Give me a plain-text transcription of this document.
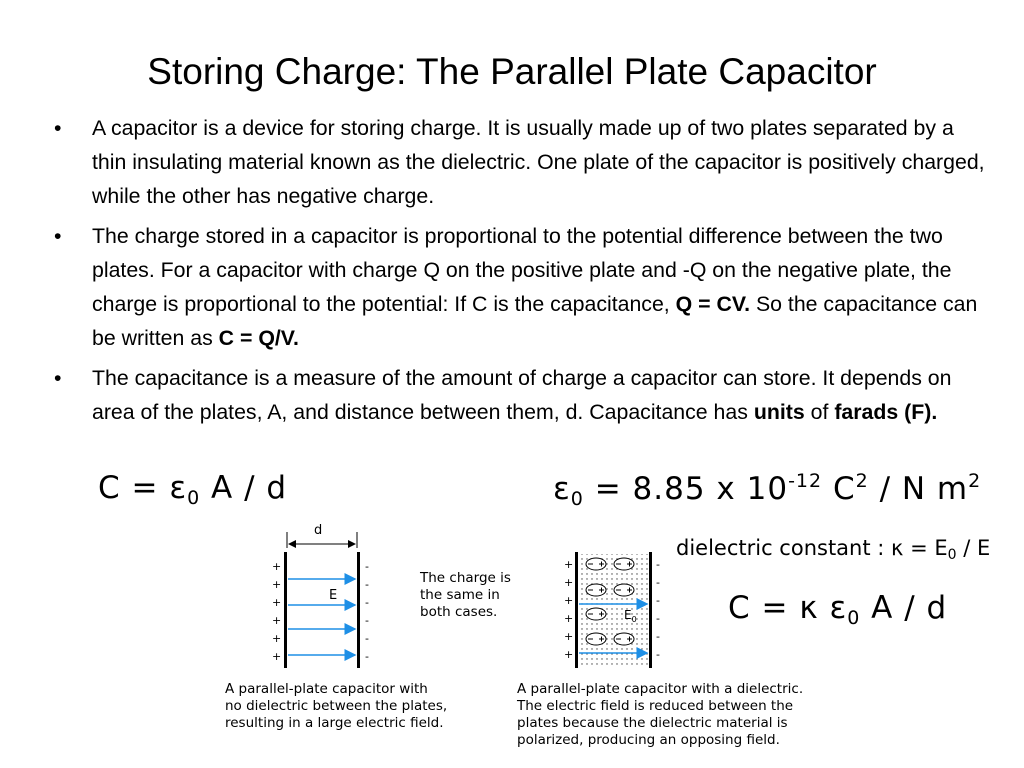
Storing Charge: The Parallel Plate Capacitor
• A capacitor is a device for storing charge. It is usually made up of two plates separated by a thin insulating material known as the dielectric. One plate of the capacitor is positively charged, while the other has negative charge.
• The charge stored in a capacitor is proportional to the potential difference between the two plates. For a capacitor with charge Q on the positive plate and -Q on the negative plate, the charge is proportional to the potential: If C is the capacitance, Q = CV. So the capacitance can be written as C = Q/V.
• The capacitance is a measure of the amount of charge a capacitor can store. It depends on area of the plates, A, and distance between them, d. Capacitance has units of farads (F).
$C = \varepsilon_0$ A / d	$\varepsilon_0 = 8.85$ x $10^{-12}$ $C^2$ / N $m^2$
dielectric constant : $\kappa = E_0 / E$
C = κ $\varepsilon_0$ A / d
d
+
+
+
+
+
+
-
-
-
-
-
-
E
The charge is
the same in
both cases.
A parallel-plate capacitor with
no dielectric between the plates,
resulting in a large electric field.
+
+
+
+
+
+
-
-
-
-
-
-
$E_0$
A parallel-plate capacitor with a dielectric.
The electric field is reduced between the
plates because the dielectric material is
polarized, producing an opposing field.
